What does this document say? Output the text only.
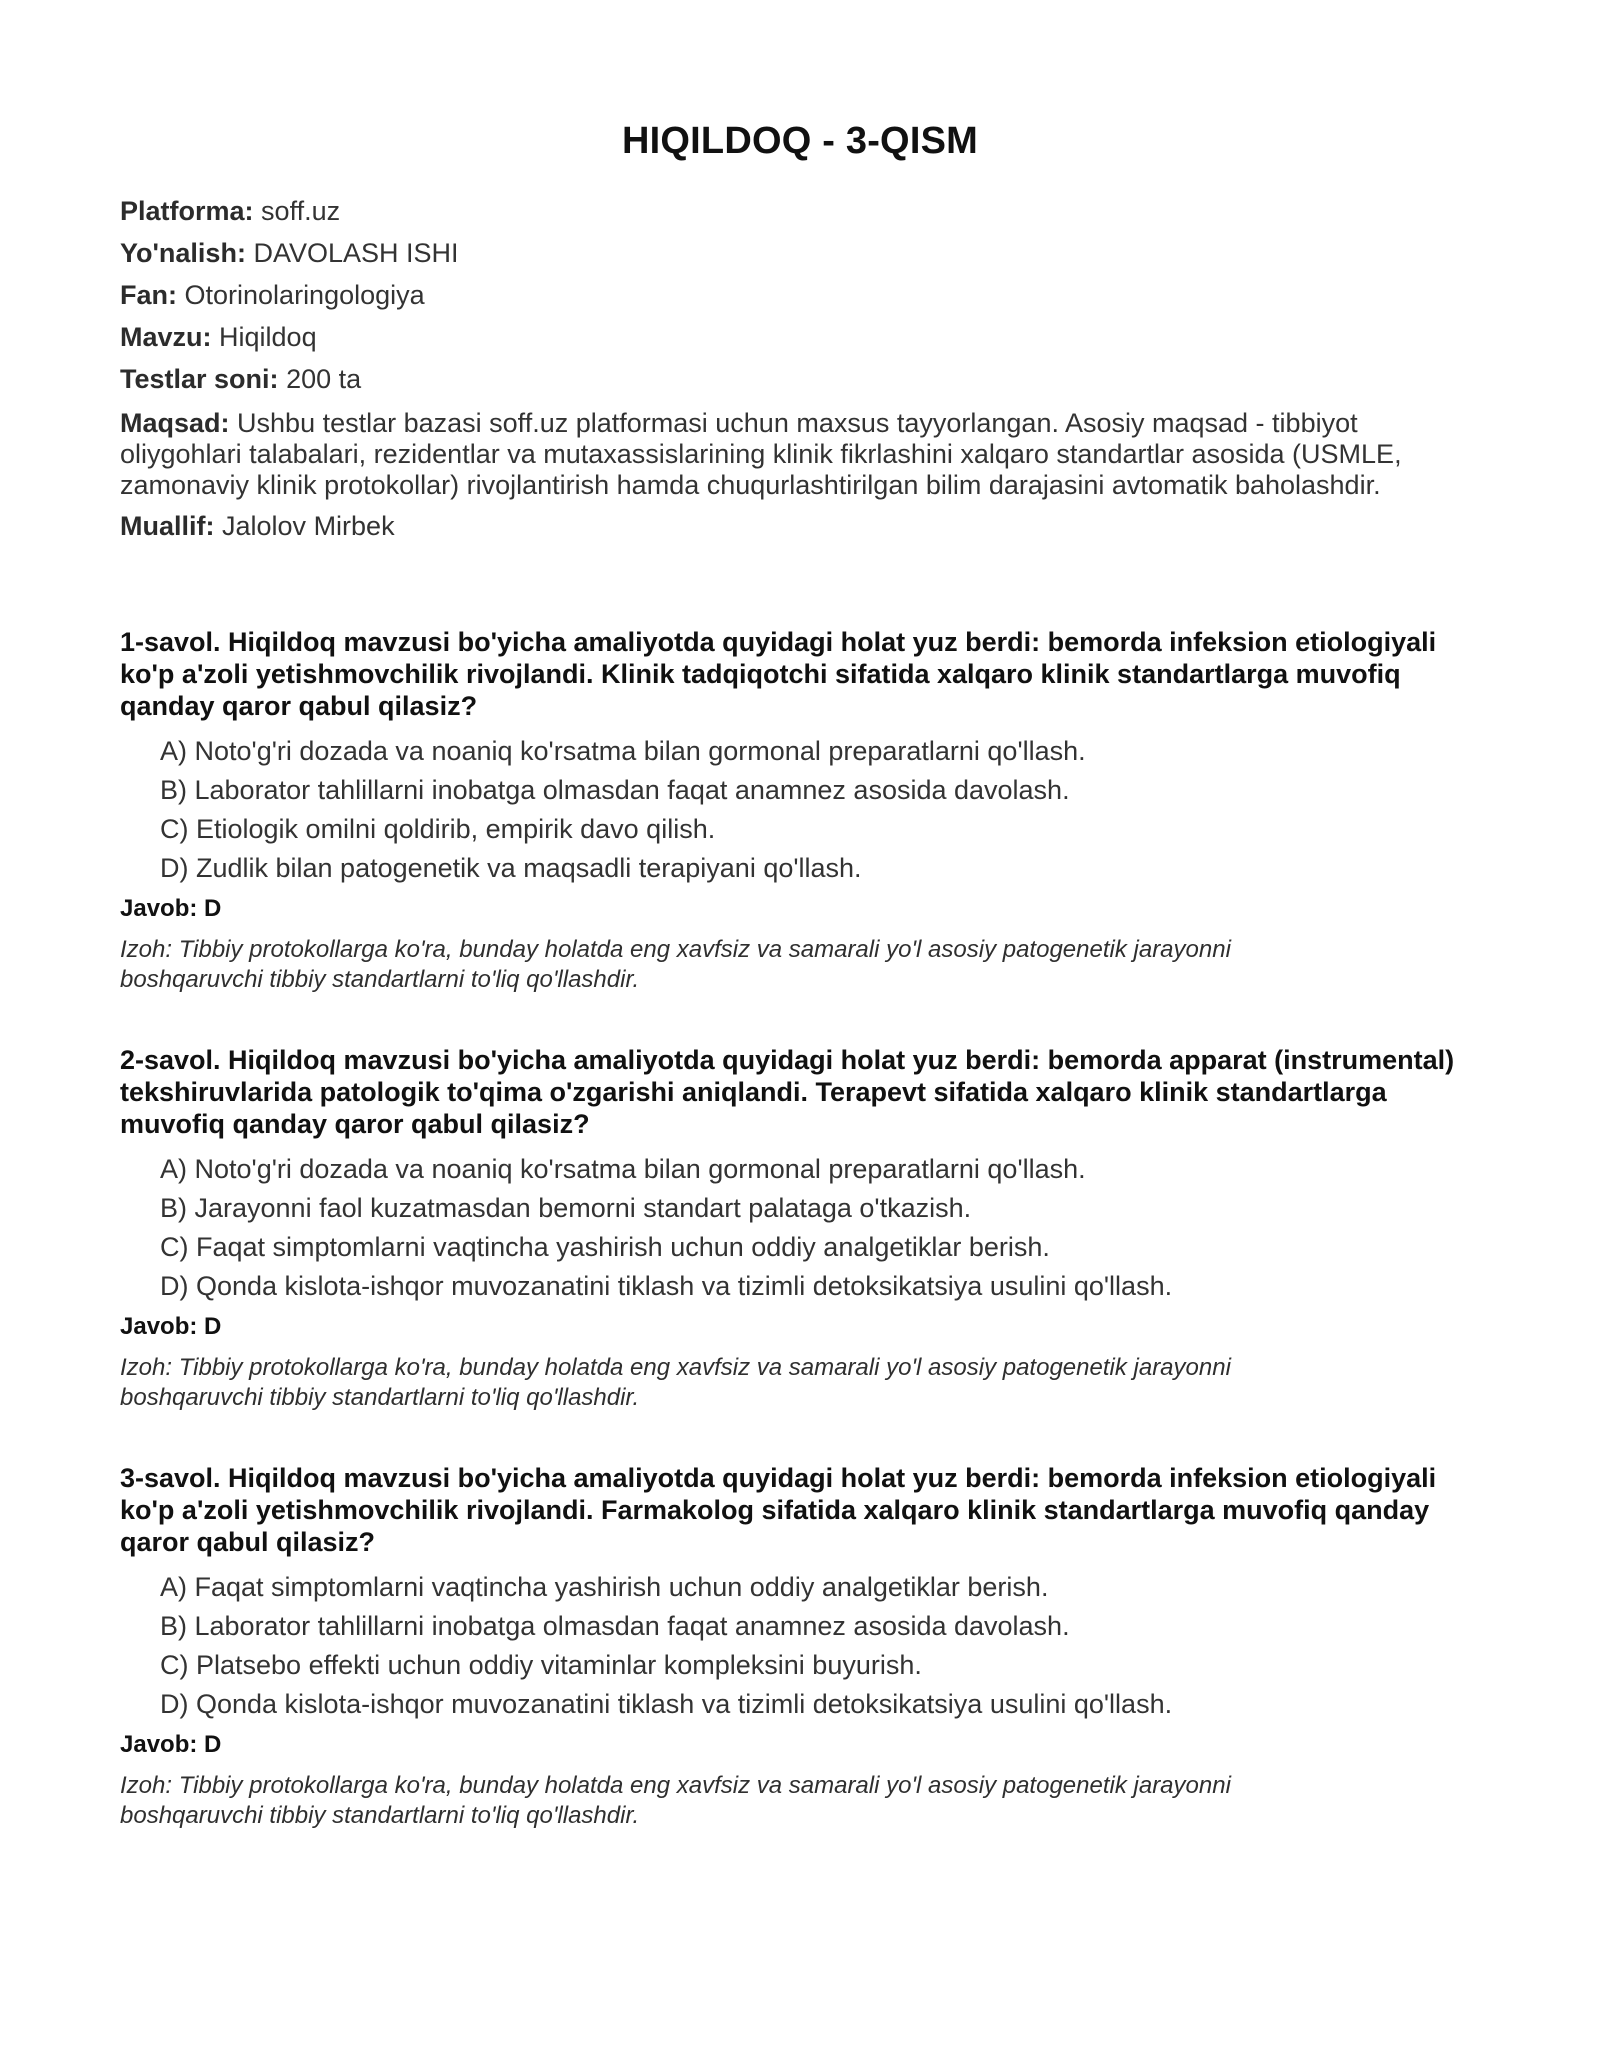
HIQILDOQ - 3-QISM

Platforma: soff.uz

Yo'nalish: DAVOLASH ISHI

Fan: Otorinolaringologiya

Mavzu: Hiqildoq

Testlar soni: 200 ta

Maqsad: Ushbu testlar bazasi soff.uz platformasi uchun maxsus tayyorlangan. Asosiy maqsad - tibbiyot oliygohlari talabalari, rezidentlar va mutaxassislarining klinik fikrlashini xalqaro standartlar asosida (USMLE, zamonaviy klinik protokollar) rivojlantirish hamda chuqurlashtirilgan bilim darajasini avtomatik baholashdir.

Muallif: Jalolov Mirbek

1-savol. Hiqildoq mavzusi bo'yicha amaliyotda quyidagi holat yuz berdi: bemorda infeksion etiologiyali ko'p a'zoli yetishmovchilik rivojlandi. Klinik tadqiqotchi sifatida xalqaro klinik standartlarga muvofiq qanday qaror qabul qilasiz?

A) Noto'g'ri dozada va noaniq ko'rsatma bilan gormonal preparatlarni qo'llash.
B) Laborator tahlillarni inobatga olmasdan faqat anamnez asosida davolash.
C) Etiologik omilni qoldirib, empirik davo qilish.
D) Zudlik bilan patogenetik va maqsadli terapiyani qo'llash.

Javob: D

Izoh: Tibbiy protokollarga ko'ra, bunday holatda eng xavfsiz va samarali yo'l asosiy patogenetik jarayonni boshqaruvchi tibbiy standartlarni to'liq qo'llashdir.

2-savol. Hiqildoq mavzusi bo'yicha amaliyotda quyidagi holat yuz berdi: bemorda apparat (instrumental) tekshiruvlarida patologik to'qima o'zgarishi aniqlandi. Terapevt sifatida xalqaro klinik standartlarga muvofiq qanday qaror qabul qilasiz?

A) Noto'g'ri dozada va noaniq ko'rsatma bilan gormonal preparatlarni qo'llash.
B) Jarayonni faol kuzatmasdan bemorni standart palataga o'tkazish.
C) Faqat simptomlarni vaqtincha yashirish uchun oddiy analgetiklar berish.
D) Qonda kislota-ishqor muvozanatini tiklash va tizimli detoksikatsiya usulini qo'llash.

Javob: D

Izoh: Tibbiy protokollarga ko'ra, bunday holatda eng xavfsiz va samarali yo'l asosiy patogenetik jarayonni boshqaruvchi tibbiy standartlarni to'liq qo'llashdir.

3-savol. Hiqildoq mavzusi bo'yicha amaliyotda quyidagi holat yuz berdi: bemorda infeksion etiologiyali ko'p a'zoli yetishmovchilik rivojlandi. Farmakolog sifatida xalqaro klinik standartlarga muvofiq qanday qaror qabul qilasiz?

A) Faqat simptomlarni vaqtincha yashirish uchun oddiy analgetiklar berish.
B) Laborator tahlillarni inobatga olmasdan faqat anamnez asosida davolash.
C) Platsebo effekti uchun oddiy vitaminlar kompleksini buyurish.
D) Qonda kislota-ishqor muvozanatini tiklash va tizimli detoksikatsiya usulini qo'llash.

Javob: D

Izoh: Tibbiy protokollarga ko'ra, bunday holatda eng xavfsiz va samarali yo'l asosiy patogenetik jarayonni boshqaruvchi tibbiy standartlarni to'liq qo'llashdir.
